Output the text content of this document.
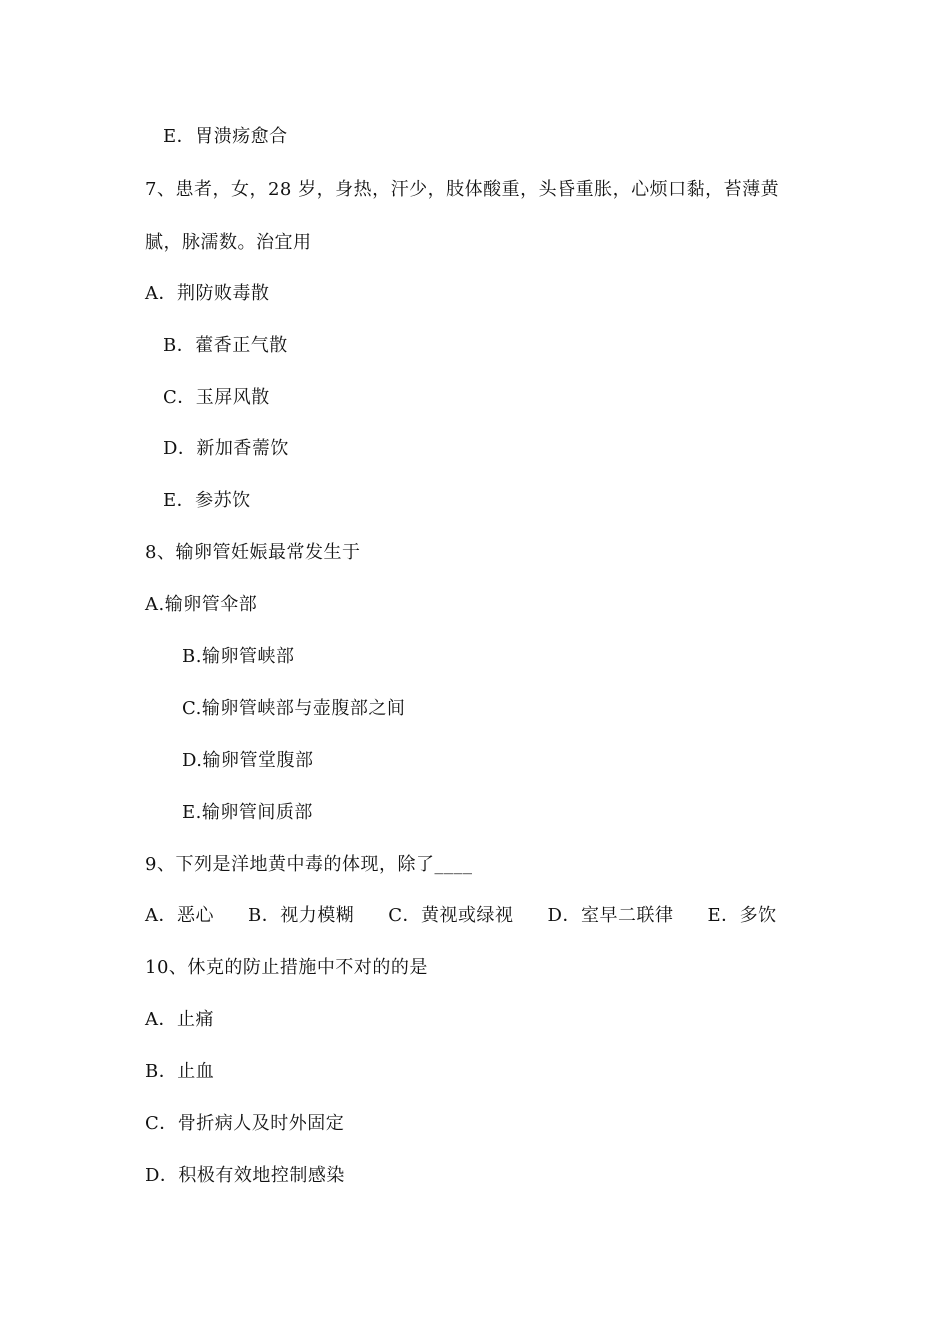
E．胃溃疡愈合
7、患者，女，28 岁，身热，汗少，肢体酸重，头昏重胀，心烦口黏，苔薄黄
腻，脉濡数。治宜用
A．荆防败毒散
B．藿香正气散
C．玉屏风散
D．新加香薷饮
E．参苏饮
8、输卵管妊娠最常发生于
A.输卵管伞部
B.输卵管峡部
C.输卵管峡部与壶腹部之间
D.输卵管堂腹部
E.输卵管间质部
9、下列是洋地黄中毒的体现，除了____
A．恶心 B．视力模糊 C．黄视或绿视 D．室早二联律 E．多饮
10、休克的防止措施中不对的的是
A．止痛
B．止血
C．骨折病人及时外固定
D．积极有效地控制感染
